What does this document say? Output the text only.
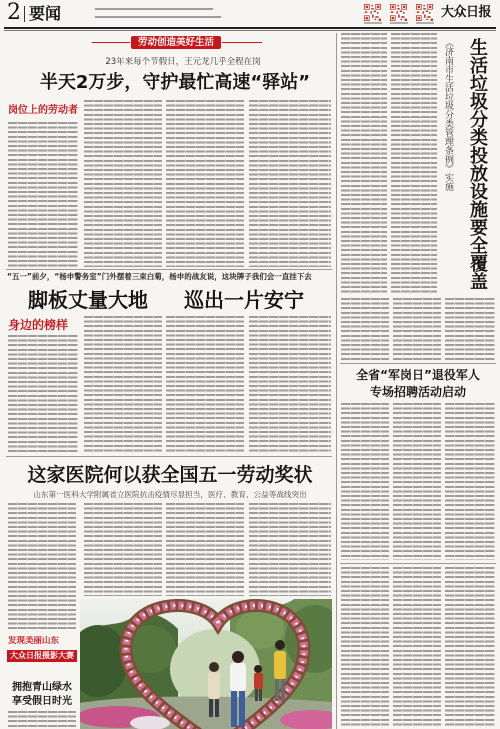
2 要闻	大众日报
劳动创造美好生活
23年来每个节假日，王元龙几乎全程在岗
半天2万步，守护最忙高速“驿站”
岗位上的劳动者
“五一”前夕，“杨申警务室”门外摆着三束白菊，杨申的战友说，这块牌子我们会一直挂下去
脚板丈量大地	巡出一片安宁
身边的榜样
这家医院何以获全国五一劳动奖状
山东第一医科大学附属省立医院抗击疫情尽显担当，医疗、教育、公益等战线突出
发现美丽山东
大众日报摄影大赛
拥抱青山绿水
享受假日时光
《济南市生活垃圾分类管理条例》实施 生活垃圾分类投放设施要全覆盖
全省“军岗日”退役军人
专场招聘活动启动
